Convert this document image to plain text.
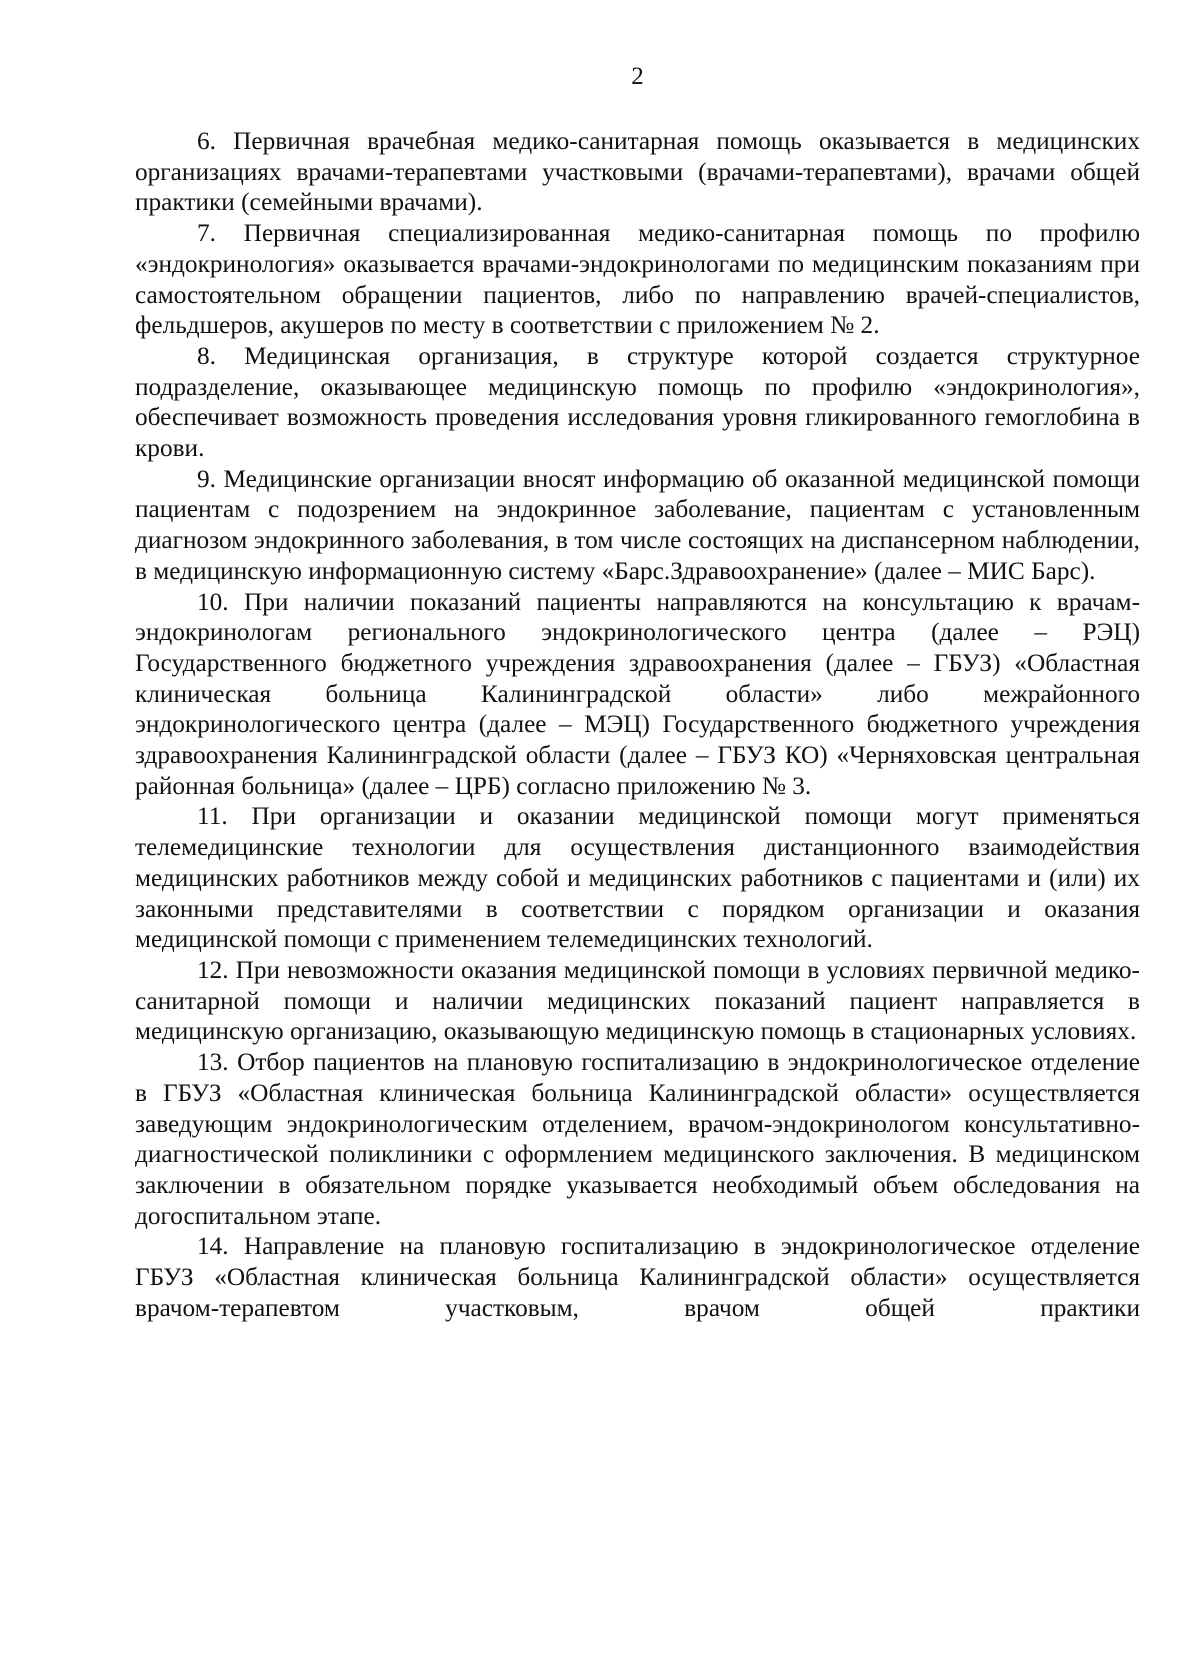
2

6. Первичная врачебная медико-санитарная помощь оказывается в медицинских организациях врачами-терапевтами участковыми (врачами-терапевтами), врачами общей практики (семейными врачами).

7. Первичная специализированная медико-санитарная помощь по профилю «эндокринология» оказывается врачами-эндокринологами по медицинским показаниям при самостоятельном обращении пациентов, либо по направлению врачей-специалистов, фельдшеров, акушеров по месту в соответствии с приложением № 2.

8. Медицинская организация, в структуре которой создается структурное подразделение, оказывающее медицинскую помощь по профилю «эндокринология», обеспечивает возможность проведения исследования уровня гликированного гемоглобина в крови.

9. Медицинские организации вносят информацию об оказанной медицинской помощи пациентам с подозрением на эндокринное заболевание, пациентам с установленным диагнозом эндокринного заболевания, в том числе состоящих на диспансерном наблюдении, в медицинскую информационную систему «Барс.Здравоохранение» (далее – МИС Барс).

10. При наличии показаний пациенты направляются на консультацию к врачам-эндокринологам регионального эндокринологического центра (далее – РЭЦ) Государственного бюджетного учреждения здравоохранения (далее – ГБУЗ) «Областная клиническая больница Калининградской области» либо межрайонного эндокринологического центра (далее – МЭЦ) Государственного бюджетного учреждения здравоохранения Калининградской области (далее – ГБУЗ КО) «Черняховская центральная районная больница» (далее – ЦРБ) согласно приложению № 3.

11. При организации и оказании медицинской помощи могут применяться телемедицинские технологии для осуществления дистанционного взаимодействия медицинских работников между собой и медицинских работников с пациентами и (или) их законными представителями в соответствии с порядком организации и оказания медицинской помощи с применением телемедицинских технологий.

12. При невозможности оказания медицинской помощи в условиях первичной медико-санитарной помощи и наличии медицинских показаний пациент направляется в медицинскую организацию, оказывающую медицинскую помощь в стационарных условиях.

13. Отбор пациентов на плановую госпитализацию в эндокринологическое отделение в ГБУЗ «Областная клиническая больница Калининградской области» осуществляется заведующим эндокринологическим отделением, врачом-эндокринологом консультативно-диагностической поликлиники с оформлением медицинского заключения. В медицинском заключении в обязательном порядке указывается необходимый объем обследования на догоспитальном этапе.

14. Направление на плановую госпитализацию в эндокринологическое отделение ГБУЗ «Областная клиническая больница Калининградской области» осуществляется врачом-терапевтом участковым, врачом общей практики
